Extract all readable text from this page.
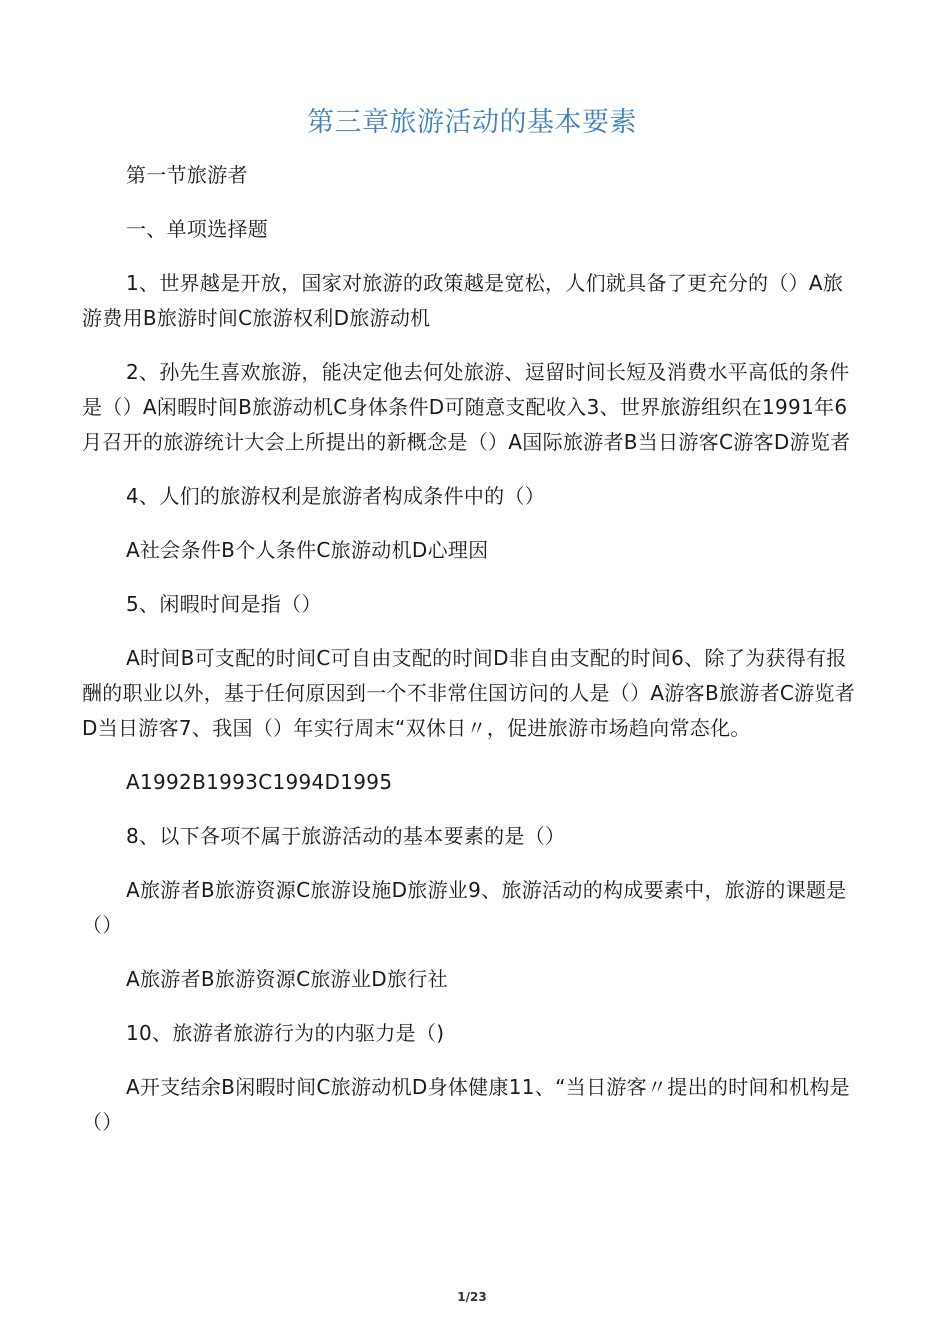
第三章旅游活动的基本要素

第一节旅游者

一、单项选择题

1、世界越是开放，国家对旅游的政策越是宽松，人们就具备了更充分的（）A旅游费用B旅游时间C旅游权利D旅游动机

2、孙先生喜欢旅游，能决定他去何处旅游、逗留时间长短及消费水平高低的条件是（）A闲暇时间B旅游动机C身体条件D可随意支配收入3、世界旅游组织在1991年6月召开的旅游统计大会上所提出的新概念是（）A国际旅游者B当日游客C游客D游览者

4、人们的旅游权利是旅游者构成条件中的（）

A社会条件B个人条件C旅游动机D心理因

5、闲暇时间是指（）

A时间B可支配的时间C可自由支配的时间D非自由支配的时间6、除了为获得有报酬的职业以外，基于任何原因到一个不非常住国访问的人是（）A游客B旅游者C游览者D当日游客7、我国（）年实行周末“双休日〃，促进旅游市场趋向常态化。

A1992B1993C1994D1995

8、以下各项不属于旅游活动的基本要素的是（）

A旅游者B旅游资源C旅游设施D旅游业9、旅游活动的构成要素中，旅游的课题是（）

A旅游者B旅游资源C旅游业D旅行社

10、旅游者旅游行为的内驱力是（)

A开支结余B闲暇时间C旅游动机D身体健康11、“当日游客〃提出的时间和机构是（）

1/23
